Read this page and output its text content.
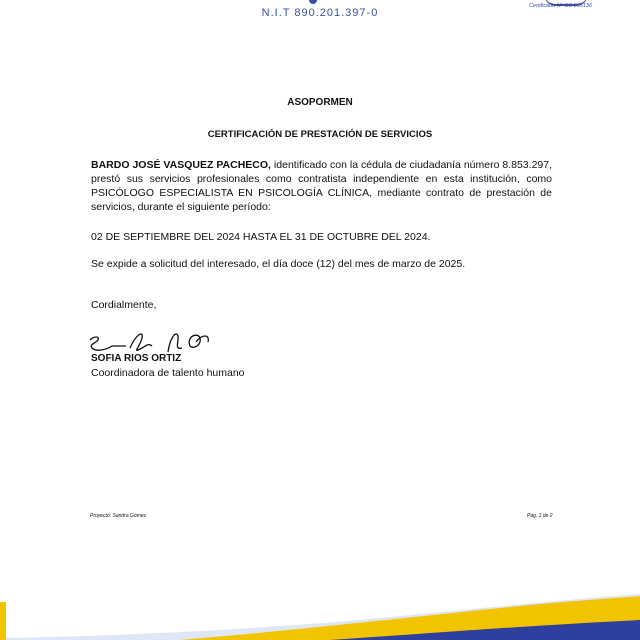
N.I.T 890.201.397-0
Certificado N° SC 205136
ASOPORMEN
CERTIFICACIÓN DE PRESTACIÓN DE SERVICIOS
BARDO JOSÉ VASQUEZ PACHECO, identificado con la cédula de ciudadanía número 8.853.297, prestó sus servicios profesionales como contratista independiente en esta institución, como PSICÓLOGO ESPECIALISTA EN PSICOLOGÍA CLÍNICA, mediante contrato de prestación de servicios, durante el siguiente período:
02 DE SEPTIEMBRE DEL 2024 HASTA EL 31 DE OCTUBRE DEL 2024.
Se expide a solicitud del interesado, el día doce (12) del mes de marzo de 2025.
Cordialmente,
SOFIA RIOS ORTIZ
Coordinadora de talento humano
Proyectó: Sandra Gómez	Pág. 1 de 2
